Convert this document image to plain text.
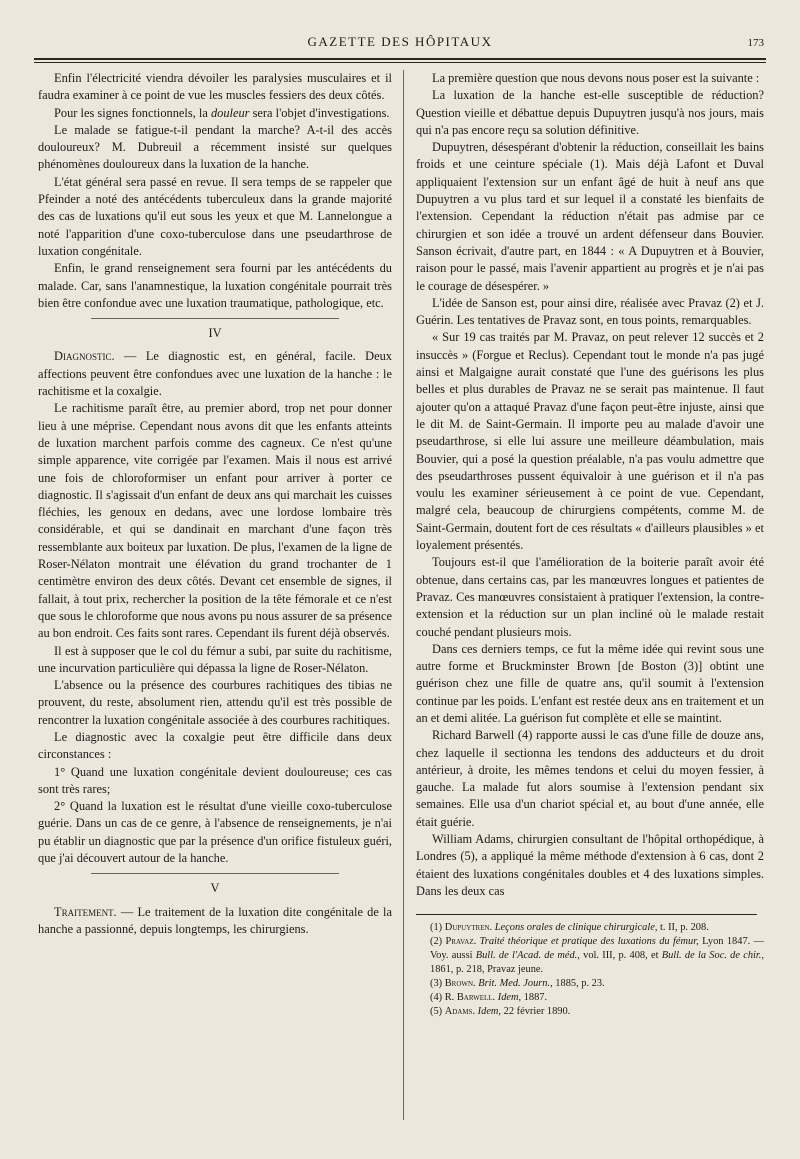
GAZETTE DES HÔPITAUX	173

Enfin l'électricité viendra dévoiler les paralysies musculaires et il faudra examiner à ce point de vue les muscles fessiers des deux côtés.

Pour les signes fonctionnels, la douleur sera l'objet d'investigations.

Le malade se fatigue-t-il pendant la marche? A-t-il des accès douloureux? M. Dubreuil a récemment insisté sur quelques phénomènes douloureux dans la luxation de la hanche.

L'état général sera passé en revue. Il sera temps de se rappeler que Pfeinder a noté des antécédents tuberculeux dans la grande majorité des cas de luxations qu'il eut sous les yeux et que M. Lannelongue a noté l'apparition d'une coxo-tuberculose dans une pseudarthrose de luxation congénitale.

Enfin, le grand renseignement sera fourni par les antécédents du malade. Car, sans l'anamnestique, la luxation congénitale pourrait très bien être confondue avec une luxation traumatique, pathologique, etc.

IV

Diagnostic. — Le diagnostic est, en général, facile. Deux affections peuvent être confondues avec une luxation de la hanche : le rachitisme et la coxalgie.

Le rachitisme paraît être, au premier abord, trop net pour donner lieu à une méprise. Cependant nous avons dit que les enfants atteints de luxation marchent parfois comme des cagneux. Ce n'est qu'une simple apparence, vite corrigée par l'examen. Mais il nous est arrivé une fois de chloroformiser un enfant pour arriver à porter ce diagnostic. Il s'agissait d'un enfant de deux ans qui marchait les cuisses fléchies, les genoux en dedans, avec une lordose lombaire très considérable, et qui se dandinait en marchant d'une façon très ressemblante aux boiteux par luxation. De plus, l'examen de la ligne de Roser-Nélaton montrait une élévation du grand trochanter de 1 centimètre environ des deux côtés. Devant cet ensemble de signes, il fallait, à tout prix, rechercher la position de la tête fémorale et ce n'est que sous le chloroforme que nous avons pu nous assurer de sa présence au bon endroit. Ces faits sont rares. Cependant ils furent déjà observés.

Il est à supposer que le col du fémur a subi, par suite du rachitisme, une incurvation particulière qui dépassa la ligne de Roser-Nélaton.

L'absence ou la présence des courbures rachitiques des tibias ne prouvent, du reste, absolument rien, attendu qu'il est très possible de rencontrer la luxation congénitale associée à des courbures rachitiques.

Le diagnostic avec la coxalgie peut être difficile dans deux circonstances :

1° Quand une luxation congénitale devient douloureuse; ces cas sont très rares;

2° Quand la luxation est le résultat d'une vieille coxo-tuberculose guérie. Dans un cas de ce genre, à l'absence de renseignements, je n'ai pu établir un diagnostic que par la présence d'un orifice fistuleux guéri, que j'ai découvert autour de la hanche.

V

Traitement. — Le traitement de la luxation dite congénitale de la hanche a passionné, depuis longtemps, les chirurgiens.

La première question que nous devons nous poser est la suivante :

La luxation de la hanche est-elle susceptible de réduction? Question vieille et débattue depuis Dupuytren jusqu'à nos jours, mais qui n'a pas encore reçu sa solution définitive.

Dupuytren, désespérant d'obtenir la réduction, conseillait les bains froids et une ceinture spéciale (1). Mais déjà Lafont et Duval appliquaient l'extension sur un enfant âgé de huit à neuf ans que Dupuytren a vu plus tard et sur lequel il a constaté les bienfaits de l'extension. Cependant la réduction n'était pas admise par ce chirurgien et son idée a trouvé un ardent défenseur dans Bouvier. Sanson écrivait, d'autre part, en 1844 : « A Dupuytren et à Bouvier, raison pour le passé, mais l'avenir appartient au progrès et je n'ai pas le courage de désespérer. »

L'idée de Sanson est, pour ainsi dire, réalisée avec Pravaz (2) et J. Guérin. Les tentatives de Pravaz sont, en tous points, remarquables.

« Sur 19 cas traités par M. Pravaz, on peut relever 12 succès et 2 insuccès » (Forgue et Reclus). Cependant tout le monde n'a pas jugé ainsi et Malgaigne aurait constaté que l'une des guérisons les plus belles et plus durables de Pravaz ne se serait pas maintenue. Il faut ajouter qu'on a attaqué Pravaz d'une façon peut-être injuste, ainsi que le dit M. de Saint-Germain. Il importe peu au malade d'avoir une pseudarthrose, si elle lui assure une meilleure déambulation, mais Bouvier, qui a posé la question préalable, n'a pas voulu admettre que des pseudarthroses pussent équivaloir à une guérison et il n'a pas voulu les examiner sérieusement à ce point de vue. Cependant, malgré cela, beaucoup de chirurgiens compétents, comme M. de Saint-Germain, doutent fort de ces résultats « d'ailleurs plausibles » et loyalement présentés.

Toujours est-il que l'amélioration de la boiterie paraît avoir été obtenue, dans certains cas, par les manœuvres longues et patientes de Pravaz. Ces manœuvres consistaient à pratiquer l'extension, la contre-extension et la réduction sur un plan incliné où le malade restait couché pendant plusieurs mois.

Dans ces derniers temps, ce fut la même idée qui revint sous une autre forme et Bruckminster Brown [de Boston (3)] obtint une guérison chez une fille de quatre ans, qu'il soumit à l'extension continue par les poids. L'enfant est restée deux ans en traitement et un an et demi alitée. La guérison fut complète et elle se maintint.

Richard Barwell (4) rapporte aussi le cas d'une fille de douze ans, chez laquelle il sectionna les tendons des adducteurs et du droit antérieur, à droite, les mêmes tendons et celui du moyen fessier, à gauche. La malade fut alors soumise à l'extension pendant six semaines. Elle usa d'un chariot spécial et, au bout d'une année, elle était guérie.

William Adams, chirurgien consultant de l'hôpital orthopédique, à Londres (5), a appliqué la même méthode d'extension à 6 cas, dont 2 étaient des luxations congénitales doubles et 4 des luxations simples. Dans les deux cas

(1) Dupuytren. Leçons orales de clinique chirurgicale, t. II, p. 208.

(2) Pravaz. Traité théorique et pratique des luxations du fémur, Lyon 1847. — Voy. aussi Bull. de l'Acad. de méd., vol. III, p. 408, et Bull. de la Soc. de chir., 1861, p. 218, Pravaz jeune.

(3) Brown. Brit. Med. Journ., 1885, p. 23.

(4) R. Barwell. Idem, 1887.

(5) Adams. Idem, 22 février 1890.
